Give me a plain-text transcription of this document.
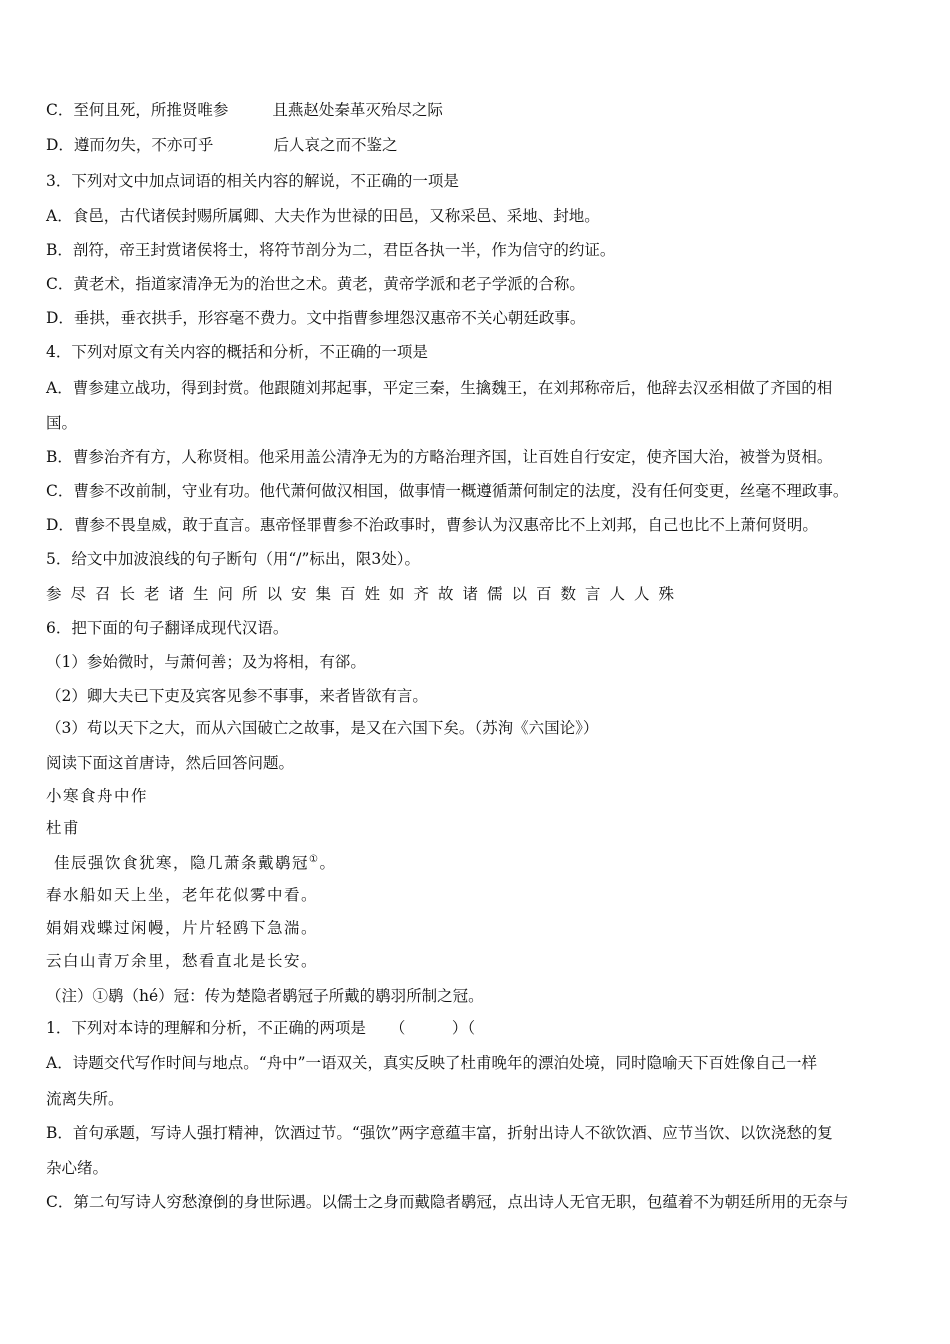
C．至何且死，所推贤唯参	且燕赵处秦革灭殆尽之际
D．遵而勿失，不亦可乎	后人哀之而不鉴之
3．下列对文中加点词语的相关内容的解说，不正确的一项是
A．食邑，古代诸侯封赐所属卿、大夫作为世禄的田邑，又称采邑、采地、封地。
B．剖符，帝王封赏诸侯将士，将符节剖分为二，君臣各执一半，作为信守的约证。
C．黄老术，指道家清净无为的治世之术。黄老，黄帝学派和老子学派的合称。
D．垂拱，垂衣拱手，形容毫不费力。文中指曹参埋怨汉惠帝不关心朝廷政事。
4．下列对原文有关内容的概括和分析，不正确的一项是
A．曹参建立战功，得到封赏。他跟随刘邦起事，平定三秦，生擒魏王，在刘邦称帝后，他辞去汉丞相做了齐国的相
国。
B．曹参治齐有方，人称贤相。他采用盖公清净无为的方略治理齐国，让百姓自行安定，使齐国大治，被誉为贤相。
C．曹参不改前制，守业有功。他代萧何做汉相国，做事情一概遵循萧何制定的法度，没有任何变更，丝毫不理政事。
D．曹参不畏皇威，敢于直言。惠帝怪罪曹参不治政事时，曹参认为汉惠帝比不上刘邦，自己也比不上萧何贤明。
5．给文中加波浪线的句子断句（用“/”标出，限3处）。
参尽召长老诸生问所以安集百姓如齐故诸儒以百数言人人殊
6．把下面的句子翻译成现代汉语。
（1）参始微时，与萧何善；及为将相，有郤。
（2）卿大夫已下吏及宾客见参不事事，来者皆欲有言。
（3）苟以天下之大，而从六国破亡之故事，是又在六国下矣。（苏洵《六国论》）
阅读下面这首唐诗，然后回答问题。
小寒食舟中作
杜甫
佳辰强饮食犹寒，隐几萧条戴鹖冠①。
春水船如天上坐，老年花似雾中看。
娟娟戏蝶过闲幔，片片轻鸥下急湍。
云白山青万余里，愁看直北是长安。
（注）①鹖（hé）冠：传为楚隐者鹖冠子所戴的鹖羽所制之冠。
1．下列对本诗的理解和分析，不正确的两项是 （　　　）（
A．诗题交代写作时间与地点。“舟中”一语双关，真实反映了杜甫晚年的漂泊处境，同时隐喻天下百姓像自己一样
流离失所。
B．首句承题，写诗人强打精神，饮酒过节。“强饮”两字意蕴丰富，折射出诗人不欲饮酒、应节当饮、以饮浇愁的复
杂心绪。
C．第二句写诗人穷愁潦倒的身世际遇。以儒士之身而戴隐者鹖冠，点出诗人无官无职，包蕴着不为朝廷所用的无奈与
